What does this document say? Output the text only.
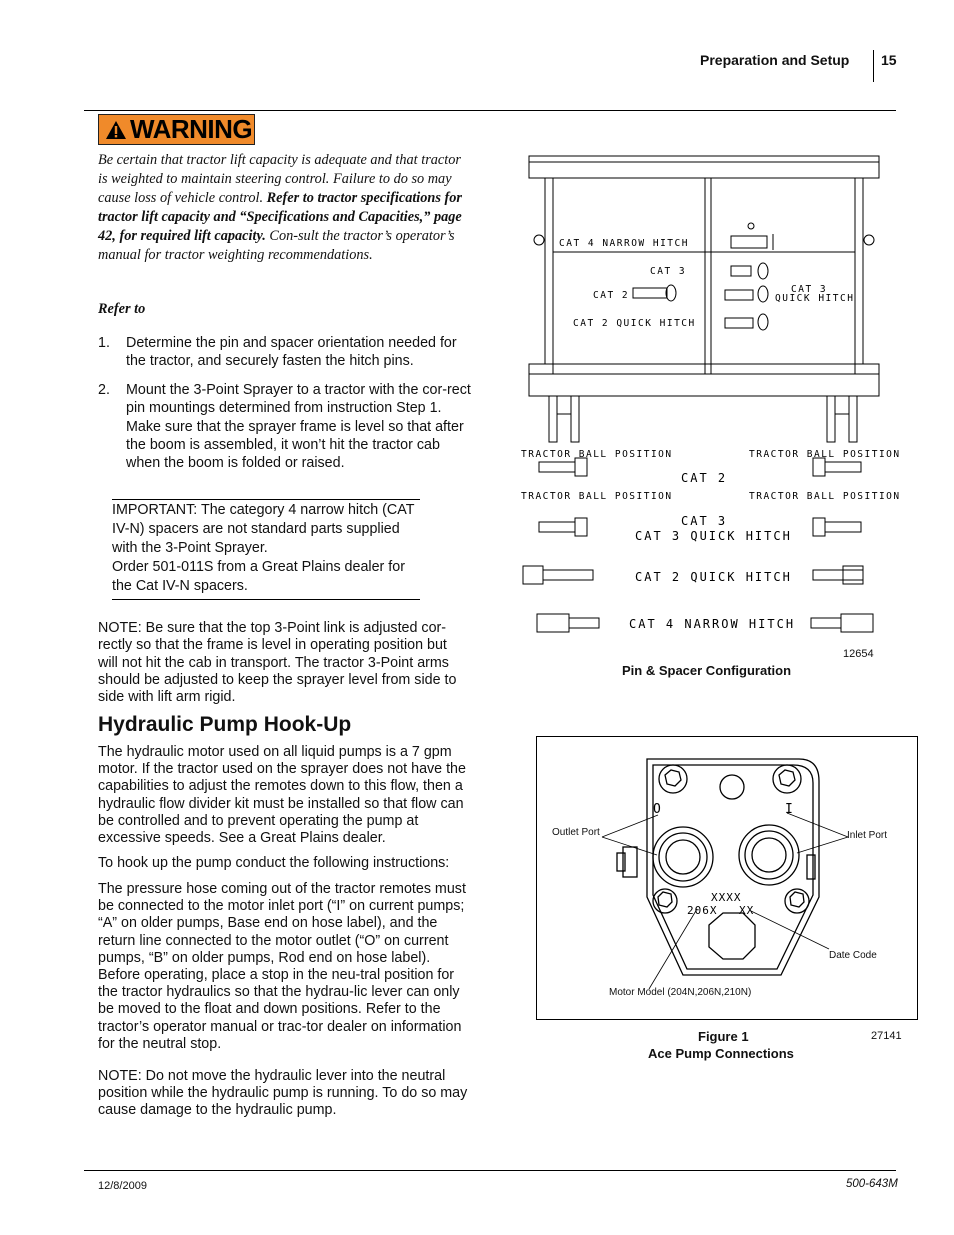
Preparation and Setup 15
WARNING
Be certain that tractor lift capacity is adequate and that tractor is weighted to maintain steering control. Failure to do so may cause loss of vehicle control. Refer to tractor specifications for tractor lift capacity and “Specifications and Capacities,” page 42, for required lift capacity. Con-sult the tractor’s operator’s manual for tractor weighting recommendations.
Refer to
1. Determine the pin and spacer orientation needed for the tractor, and securely fasten the hitch pins.
2. Mount the 3-Point Sprayer to a tractor with the cor-rect pin mountings determined from instruction Step 1. Make sure that the sprayer frame is level so that after the boom is assembled, it won’t hit the tractor cab when the boom is folded or raised.
IMPORTANT: The category 4 narrow hitch (CAT IV-N) spacers are not standard parts supplied with the 3-Point Sprayer.
Order 501-011S from a Great Plains dealer for the Cat IV-N spacers.
NOTE: Be sure that the top 3-Point link is adjusted cor-rectly so that the frame is level in operating position but will not hit the cab in transport. The tractor 3-Point arms should be adjusted to keep the sprayer level from side to side with lift arm rigid.
Hydraulic Pump Hook-Up
The hydraulic motor used on all liquid pumps is a 7 gpm motor. If the tractor used on the sprayer does not have the capabilities to adjust the remotes down to this flow, then a hydraulic flow divider kit must be installed so that flow can be controlled and to prevent operating the pump at excessive speeds. See a Great Plains dealer.
To hook up the pump conduct the following instructions:
The pressure hose coming out of the tractor remotes must be connected to the motor inlet port (“I” on current pumps; “A” on older pumps, Base end on hose label), and the return line connected to the motor outlet (“O” on current pumps, “B” on older pumps, Rod end on hose label). Before operating, place a stop in the neu-tral position for the tractor hydraulics so that the hydrau-lic lever can only be moved to the float and down positions. Refer to the tractor’s operator manual or trac-tor dealer on information for the neutral stop.
NOTE: Do not move the hydraulic lever into the neutral position while the hydraulic pump is running. To do so may cause damage to the hydraulic pump.
CAT 4 NARROW HITCH
CAT 3
CAT 2
CAT 3
QUICK HITCH
CAT 2 QUICK HITCH
TRACTOR BALL POSITION	TRACTOR BALL POSITION
TRACTOR BALL POSITION	TRACTOR BALL POSITION
CAT 2
CAT 3
CAT 3 QUICK HITCH
CAT 2 QUICK HITCH
CAT 4 NARROW HITCH
12654
Pin & Spacer Configuration
O	I
XXXX
206X XX
Outlet Port	Inlet Port
Date Code
Motor Model (204N,206N,210N)
Figure 1
Ace Pump Connections
27141
12/8/2009	500-643M
